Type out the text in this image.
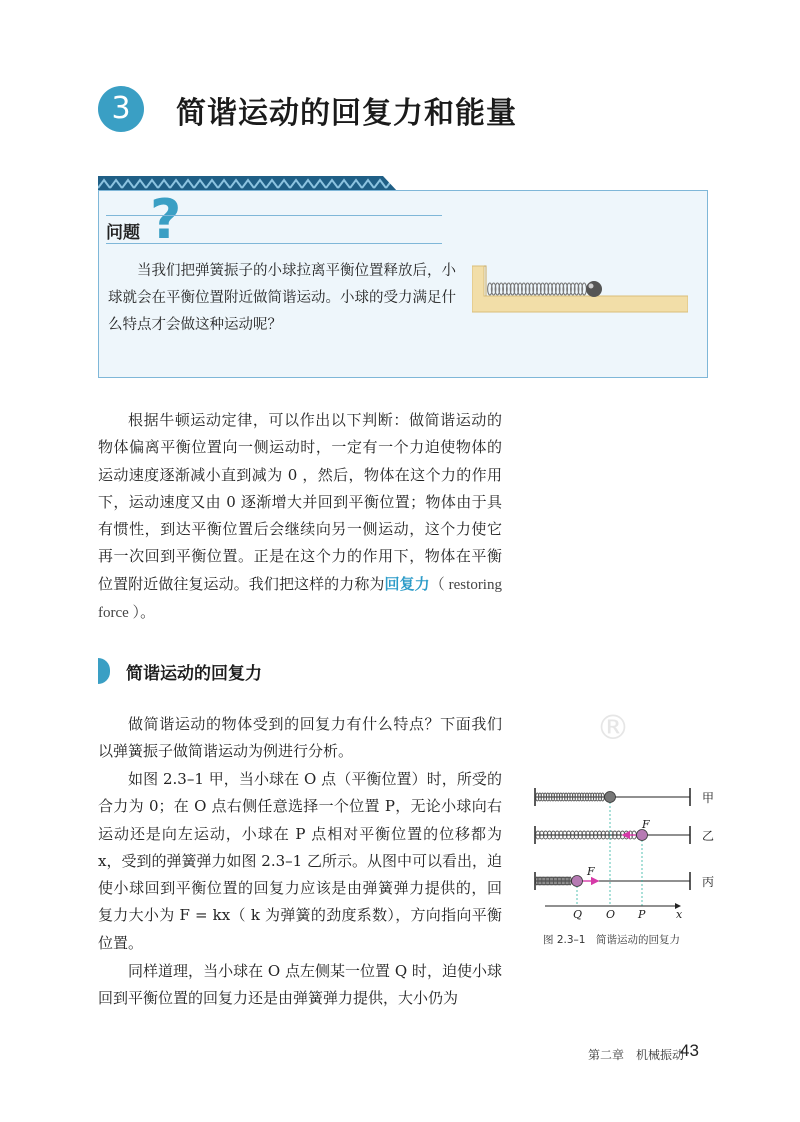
3	简谐运动的回复力和能量
问题 ?
当我们把弹簧振子的小球拉离平衡位置释放后，小球就会在平衡位置附近做简谐运动。小球的受力满足什么特点才会做这种运动呢？
根据牛顿运动定律，可以作出以下判断：做简谐运动的物体偏离平衡位置向一侧运动时，一定有一个力迫使物体的运动速度逐渐减小直到减为 0 ，然后，物体在这个力的作用下，运动速度又由 0 逐渐增大并回到平衡位置；物体由于具有惯性，到达平衡位置后会继续向另一侧运动，这个力使它再一次回到平衡位置。正是在这个力的作用下，物体在平衡位置附近做往复运动。我们把这样的力称为回复力（ restoring force ）。
简谐运动的回复力
做简谐运动的物体受到的回复力有什么特点？下面我们以弹簧振子做简谐运动为例进行分析。
如图 2.3–1 甲，当小球在 O 点（平衡位置）时，所受的合力为 0；在 O 点右侧任意选择一个位置 P，无论小球向右运动还是向左运动，小球在 P 点相对平衡位置的位移都为 x，受到的弹簧弹力如图 2.3–1 乙所示。从图中可以看出，迫使小球回到平衡位置的回复力应该是由弹簧弹力提供的，回复力大小为 F = kx（ k 为弹簧的劲度系数），方向指向平衡位置。
同样道理，当小球在 O 点左侧某一位置 Q 时，迫使小球回到平衡位置的回复力还是由弹簧弹力提供，大小仍为
®
F
F
Q O P	x
甲
乙
丙
图 2.3–1　简谐运动的回复力
第二章　机械振动
43
